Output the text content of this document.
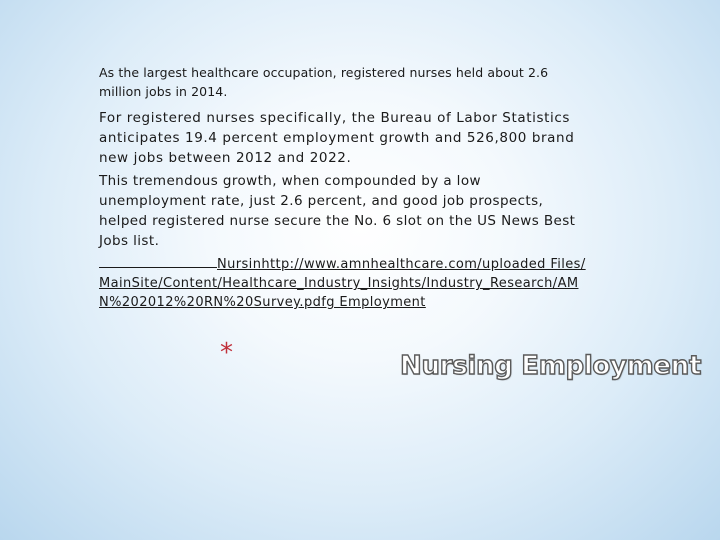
As the largest healthcare occupation, registered nurses held about 2.6 million jobs in 2014.

For registered nurses specifically, the Bureau of Labor Statistics anticipates 19.4 percent employment growth and 526,800 brand new jobs between 2012 and 2022.

This tremendous growth, when compounded by a low unemployment rate, just 2.6 percent, and good job prospects, helped registered nurse secure the No. 6 slot on the US News Best Jobs list.

Nursinhttp://www.amnhealthcare.com/uploaded Files/MainSite/Content/Healthcare_Industry_Insights/Industry_Research/AMN%202012%20RN%20Survey.pdfg Employment

*	Nursing Employment
